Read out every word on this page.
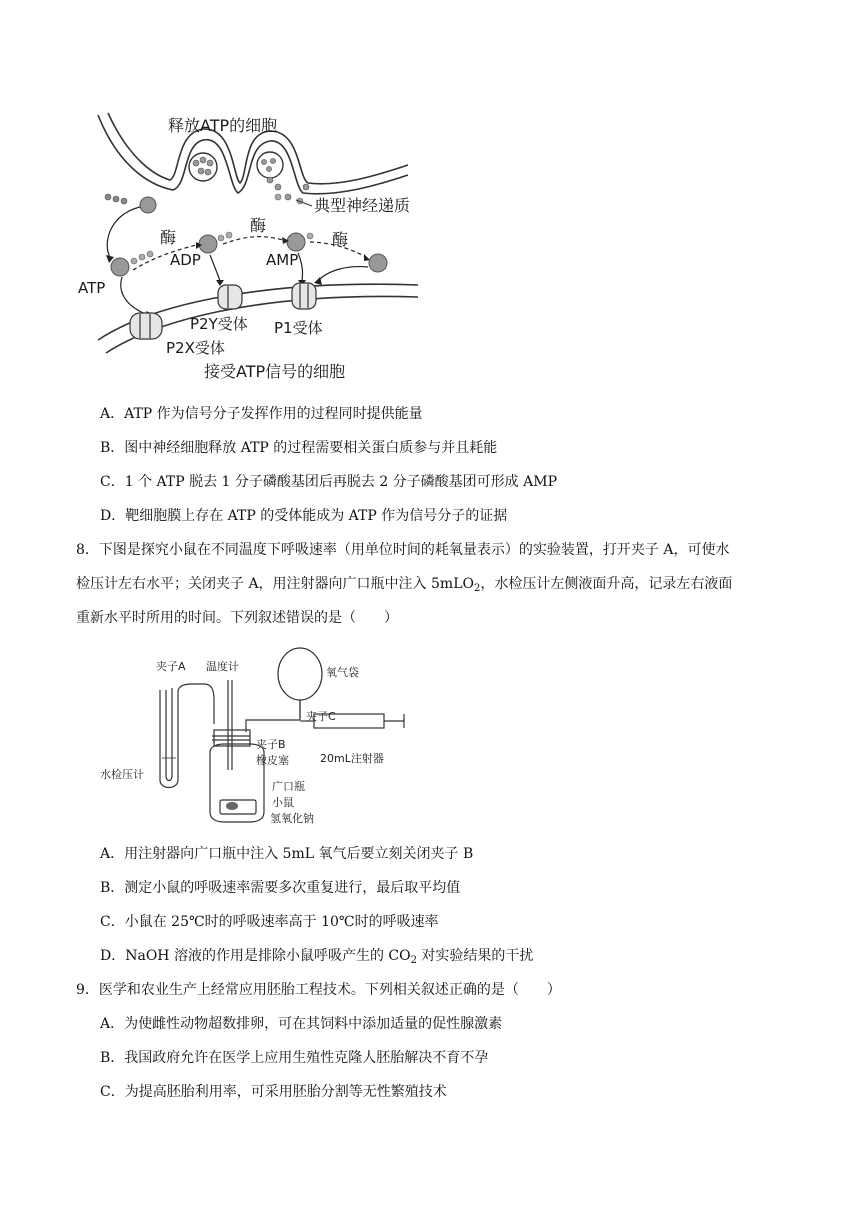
释放ATP的细胞
典型神经递质
酶
酶
酶
ATP
ADP	AMP
P2Y受体 P1受体
P2X受体
接受ATP信号的细胞
A．ATP 作为信号分子发挥作用的过程同时提供能量
B．图中神经细胞释放 ATP 的过程需要相关蛋白质参与并且耗能
C．1 个 ATP 脱去 1 分子磷酸基团后再脱去 2 分子磷酸基团可形成 AMP
D．靶细胞膜上存在 ATP 的受体能成为 ATP 作为信号分子的证据
8．下图是探究小鼠在不同温度下呼吸速率（用单位时间的耗氧量表示）的实验装置，打开夹子 A，可使水
检压计左右水平；关闭夹子 A，用注射器向广口瓶中注入 5mLO$_2$，水检压计左侧液面升高，记录左右液面
重新水平时所用的时间。下列叙述错误的是（　　）
夹子A 温度计	氧气袋
夹子C
夹子B
橡皮塞	20mL注射器
水检压计
广口瓶
小鼠
氢氧化钠
A．用注射器向广口瓶中注入 5mL 氧气后要立刻关闭夹子 B
B．测定小鼠的呼吸速率需要多次重复进行，最后取平均值
C．小鼠在 25℃时的呼吸速率高于 10℃时的呼吸速率
D．NaOH 溶液的作用是排除小鼠呼吸产生的 $CO_2$ 对实验结果的干扰
9．医学和农业生产上经常应用胚胎工程技术。下列相关叙述正确的是（　　）
A．为使雌性动物超数排卵，可在其饲料中添加适量的促性腺激素
B．我国政府允许在医学上应用生殖性克隆人胚胎解决不育不孕
C．为提高胚胎利用率，可采用胚胎分割等无性繁殖技术
